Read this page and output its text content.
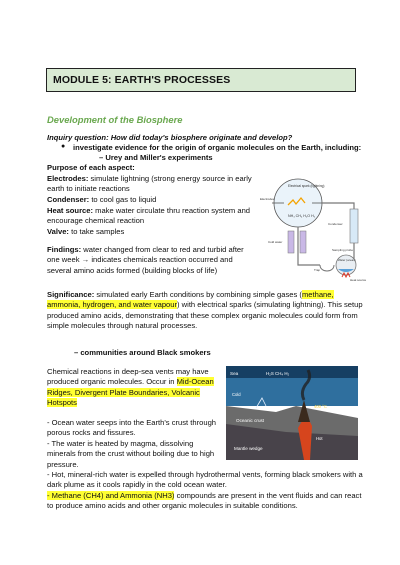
MODULE 5: EARTH'S PROCESSES
Development of the Biosphere
Inquiry question: How did today's biosphere originate and develop?
● investigate evidence for the origin of organic molecules on the Earth, including:
– Urey and Miller's experiments
Purpose of each aspect:
Electrodes: simulate lightning (strong energy source in early earth to initiate reactions
Condenser: to cool gas to liquid
Heat source: make water circulate thru reaction system and encourage chemical reaction
Valve: to take samples
Findings: water changed from clear to red and turbid after one week → indicates chemicals reaction occurred and several amino acids formed (building blocks of life)
Electrical spark (lightning)
NH₃ CH₄ H₂O H₂
Electrodes
Condenser
Cold water
Sampling probe
Heat source
Water (ocean)
Trap
Significance: simulated early Earth conditions by combining simple gases (methane, ammonia, hydrogen, and water vapour) with electrical sparks (simulating lightning). This setup produced amino acids, demonstrating that these complex organic molecules could form from simple molecules through natural processes.
– communities around Black smokers
Chemical reactions in deep-sea vents may have produced organic molecules. Occur in Mid-Ocean Ridges, Divergent Plate Boundaries, Volcanic Hotspots
Sea	H₂S CH₄ H₂
Cold
Oceanic crust
Mantle wedge
400 °C
Hot
- Ocean water seeps into the Earth's crust through porous rocks and fissures.
- The water is heated by magma, dissolving minerals from the crust without boiling due to high pressure.
- Hot, mineral-rich water is expelled through hydrothermal vents, forming black smokers with a dark plume as it cools rapidly in the cold ocean water.
- Methane (CH4) and Ammonia (NH3) compounds are present in the vent fluids and can react to produce amino acids and other organic molecules in suitable conditions.
